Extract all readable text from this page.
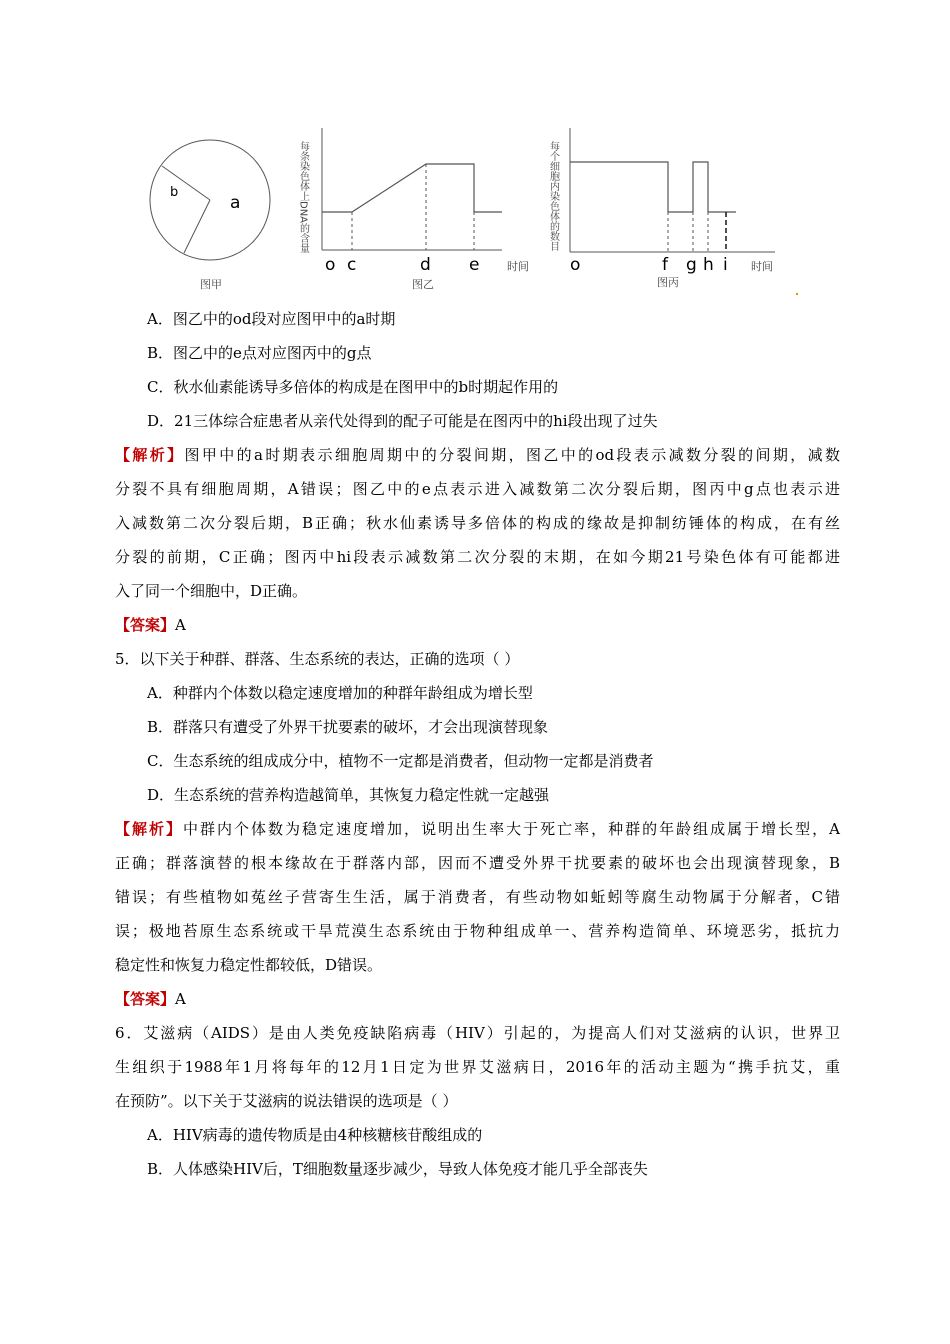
b
a
图甲
每条染色体上DNA的含量
o c	d e	时间
图乙
每个细胞内染色体的数目
o	f g h i 时间
图丙
A．图乙中的od段对应图甲中的a时期
B．图乙中的e点对应图丙中的g点
C．秋水仙素能诱导多倍体的构成是在图甲中的b时期起作用的
D．21三体综合症患者从亲代处得到的配子可能是在图丙中的hi段出现了过失
【解析】图甲中的a时期表示细胞周期中的分裂间期，图乙中的od段表示减数分裂的间期，减数
分裂不具有细胞周期，A错误；图乙中的e点表示进入减数第二次分裂后期，图丙中g点也表示进
入减数第二次分裂后期，B正确；秋水仙素诱导多倍体的构成的缘故是抑制纺锤体的构成，在有丝
分裂的前期，C正确；图丙中hi段表示减数第二次分裂的末期，在如今期21号染色体有可能都进
入了同一个细胞中，D正确。
【答案】A
5．以下关于种群、群落、生态系统的表达，正确的选项（ ）
A．种群内个体数以稳定速度增加的种群年龄组成为增长型
B．群落只有遭受了外界干扰要素的破坏，才会出现演替现象
C．生态系统的组成成分中，植物不一定都是消费者，但动物一定都是消费者
D．生态系统的营养构造越简单，其恢复力稳定性就一定越强
【解析】中群内个体数为稳定速度增加，说明出生率大于死亡率，种群的年龄组成属于增长型，A
正确；群落演替的根本缘故在于群落内部，因而不遭受外界干扰要素的破坏也会出现演替现象，B
错误；有些植物如菟丝子营寄生生活，属于消费者，有些动物如蚯蚓等腐生动物属于分解者，C错
误；极地苔原生态系统或干旱荒漠生态系统由于物种组成单一、营养构造简单、环境恶劣，抵抗力
稳定性和恢复力稳定性都较低，D错误。
【答案】A
6．艾滋病（AIDS）是由人类免疫缺陷病毒（HIV）引起的，为提高人们对艾滋病的认识，世界卫
生组织于1988年1月将每年的12月1日定为世界艾滋病日，2016年的活动主题为“携手抗艾，重
在预防”。以下关于艾滋病的说法错误的选项是（ ）
A．HIV病毒的遗传物质是由4种核糖核苷酸组成的
B．人体感染HIV后，T细胞数量逐步减少，导致人体免疫才能几乎全部丧失
